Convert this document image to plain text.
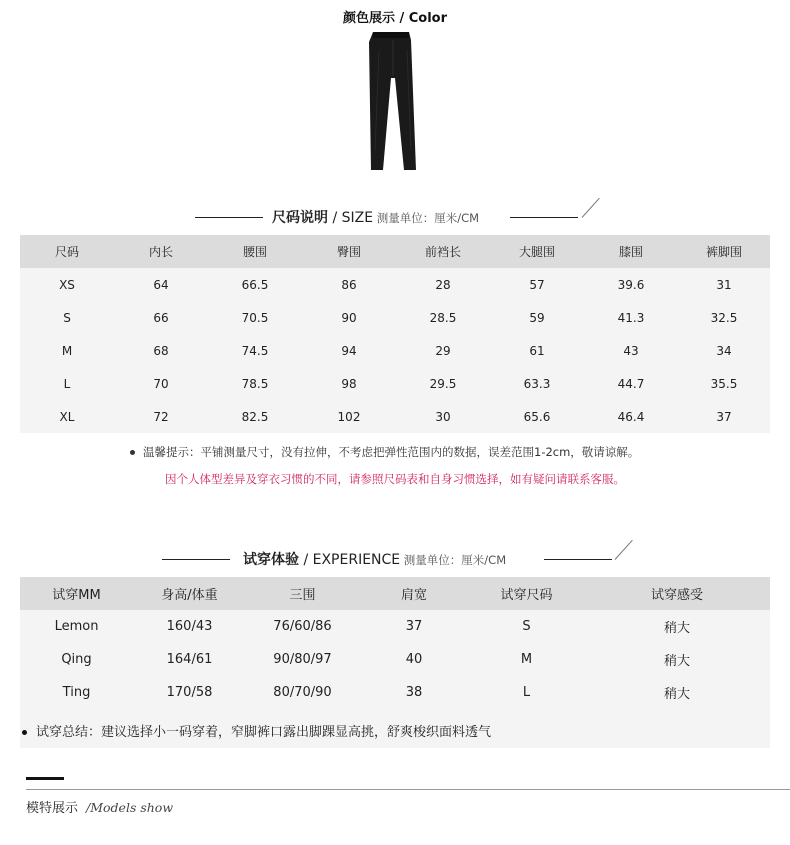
颜色展示 / Color
尺码说明 / SIZE 测量单位：厘米/CM
尺码	内长	腰围	臀围	前裆长	大腿围	膝围	裤脚围
XS	64	66.5	86	28	57	39.6	31
S	66	70.5	90	28.5	59	41.3	32.5
M	68	74.5	94	29	61	43	34
L	70	78.5	98	29.5	63.3	44.7	35.5
XL	72	82.5	102	30	65.6	46.4	37
温馨提示：平铺测量尺寸，没有拉伸，不考虑把弹性范围内的数据，误差范围1-2cm，敬请谅解。
因个人体型差异及穿衣习惯的不同，请参照尺码表和自身习惯选择，如有疑问请联系客服。
试穿体验 / EXPERIENCE 测量单位：厘米/CM
试穿MM	身高/体重	三围	肩宽	试穿尺码	试穿感受
Lemon	160/43	76/60/86	37	S	稍大
Qing	164/61	90/80/97	40	M	稍大
Ting	170/58	80/70/90	38	L	稍大
试穿总结：建议选择小一码穿着，窄脚裤口露出脚踝显高挑，舒爽梭织面料透气
模特展示 /Models show
